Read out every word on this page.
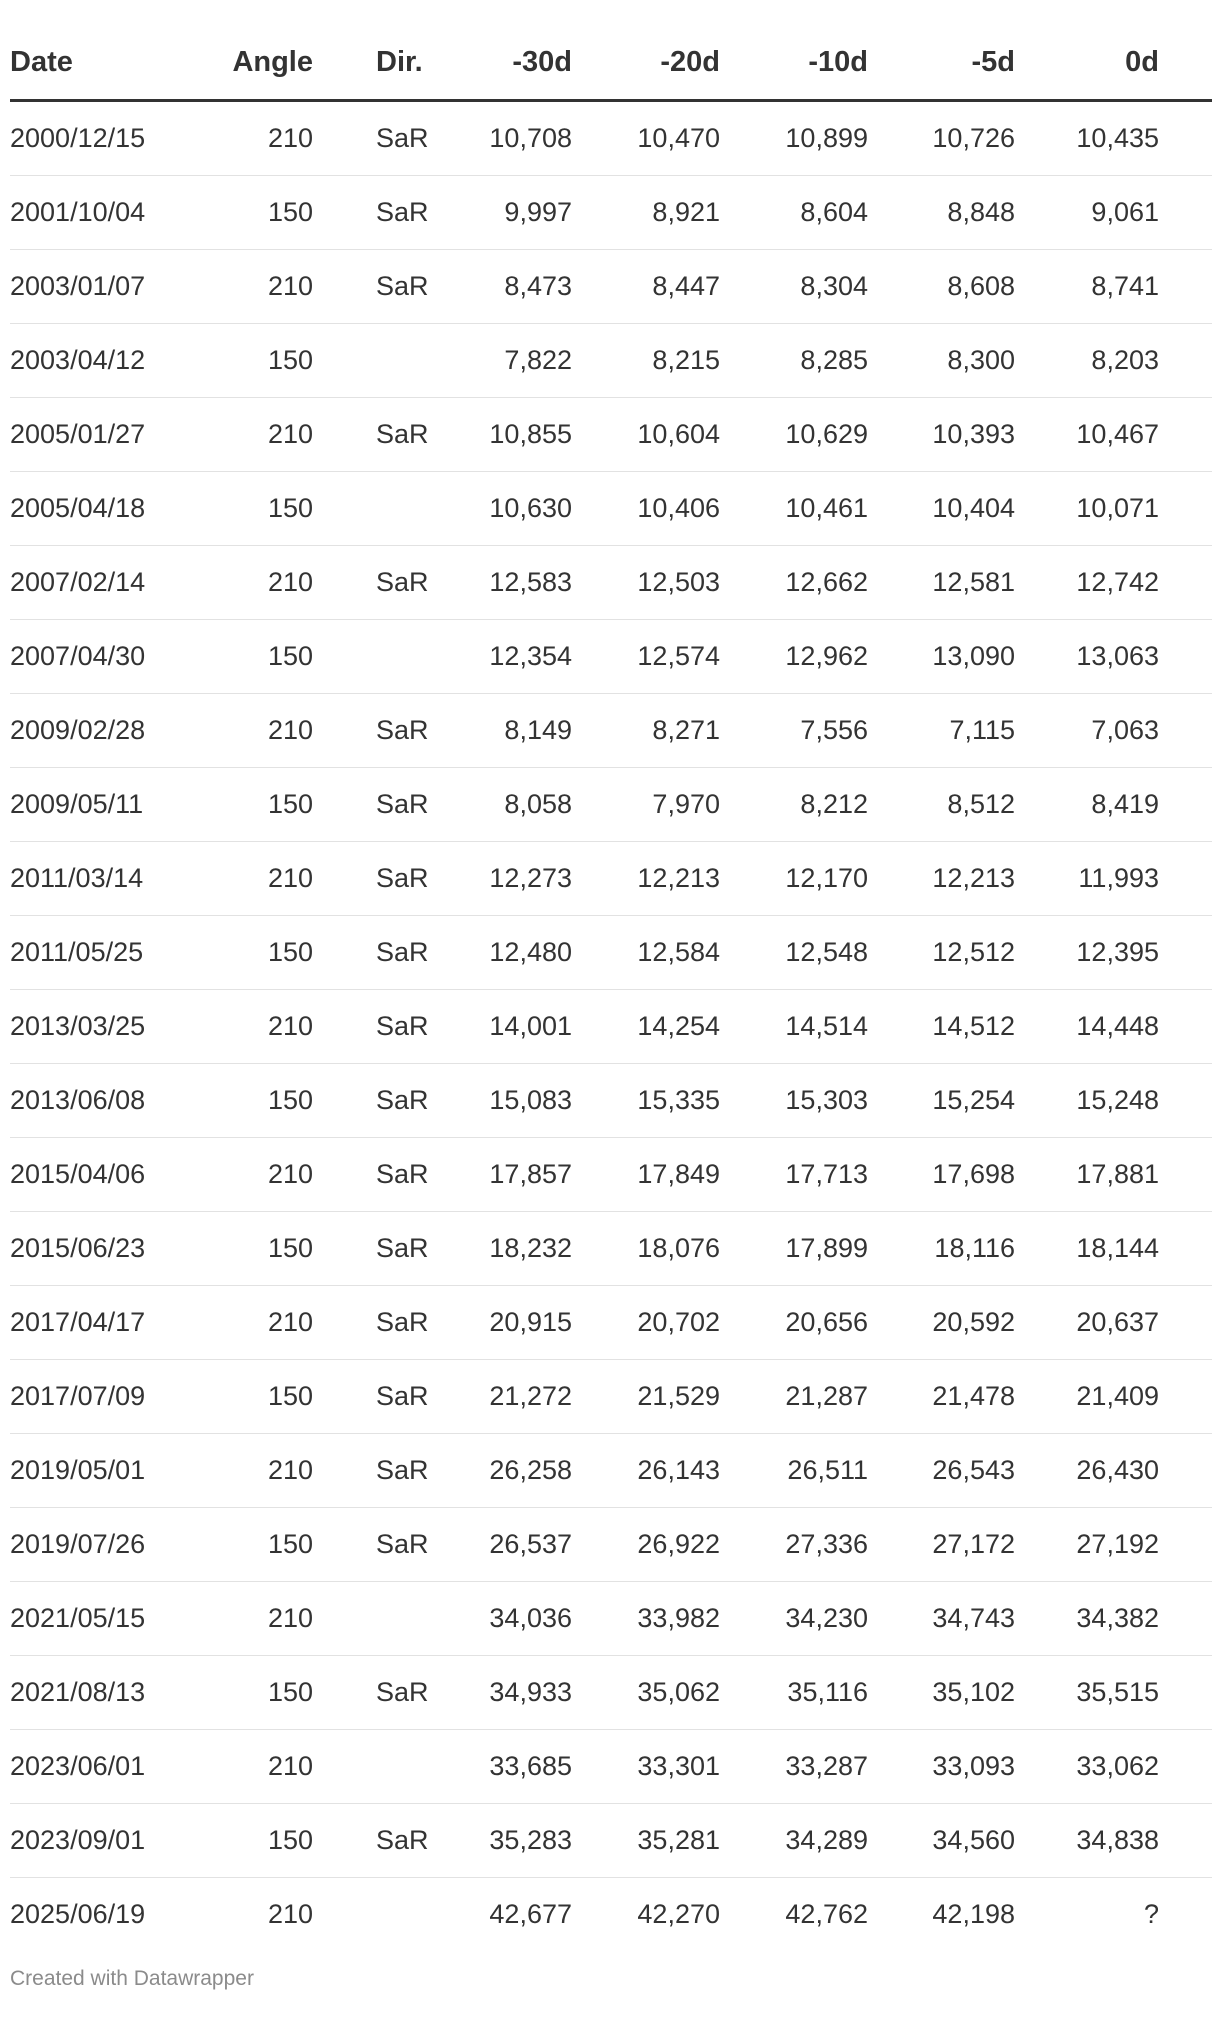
Date	Angle	Dir.	-30d	-20d	-10d	-5d	0d
2000/12/15	210	SaR	10,708	10,470	10,899	10,726	10,435
2001/10/04	150	SaR	9,997	8,921	8,604	8,848	9,061
2003/01/07	210	SaR	8,473	8,447	8,304	8,608	8,741
2003/04/12	150		7,822	8,215	8,285	8,300	8,203
2005/01/27	210	SaR	10,855	10,604	10,629	10,393	10,467
2005/04/18	150		10,630	10,406	10,461	10,404	10,071
2007/02/14	210	SaR	12,583	12,503	12,662	12,581	12,742
2007/04/30	150		12,354	12,574	12,962	13,090	13,063
2009/02/28	210	SaR	8,149	8,271	7,556	7,115	7,063
2009/05/11	150	SaR	8,058	7,970	8,212	8,512	8,419
2011/03/14	210	SaR	12,273	12,213	12,170	12,213	11,993
2011/05/25	150	SaR	12,480	12,584	12,548	12,512	12,395
2013/03/25	210	SaR	14,001	14,254	14,514	14,512	14,448
2013/06/08	150	SaR	15,083	15,335	15,303	15,254	15,248
2015/04/06	210	SaR	17,857	17,849	17,713	17,698	17,881
2015/06/23	150	SaR	18,232	18,076	17,899	18,116	18,144
2017/04/17	210	SaR	20,915	20,702	20,656	20,592	20,637
2017/07/09	150	SaR	21,272	21,529	21,287	21,478	21,409
2019/05/01	210	SaR	26,258	26,143	26,511	26,543	26,430
2019/07/26	150	SaR	26,537	26,922	27,336	27,172	27,192
2021/05/15	210		34,036	33,982	34,230	34,743	34,382
2021/08/13	150	SaR	34,933	35,062	35,116	35,102	35,515
2023/06/01	210		33,685	33,301	33,287	33,093	33,062
2023/09/01	150	SaR	35,283	35,281	34,289	34,560	34,838
2025/06/19	210		42,677	42,270	42,762	42,198	?
Created with Datawrapper
